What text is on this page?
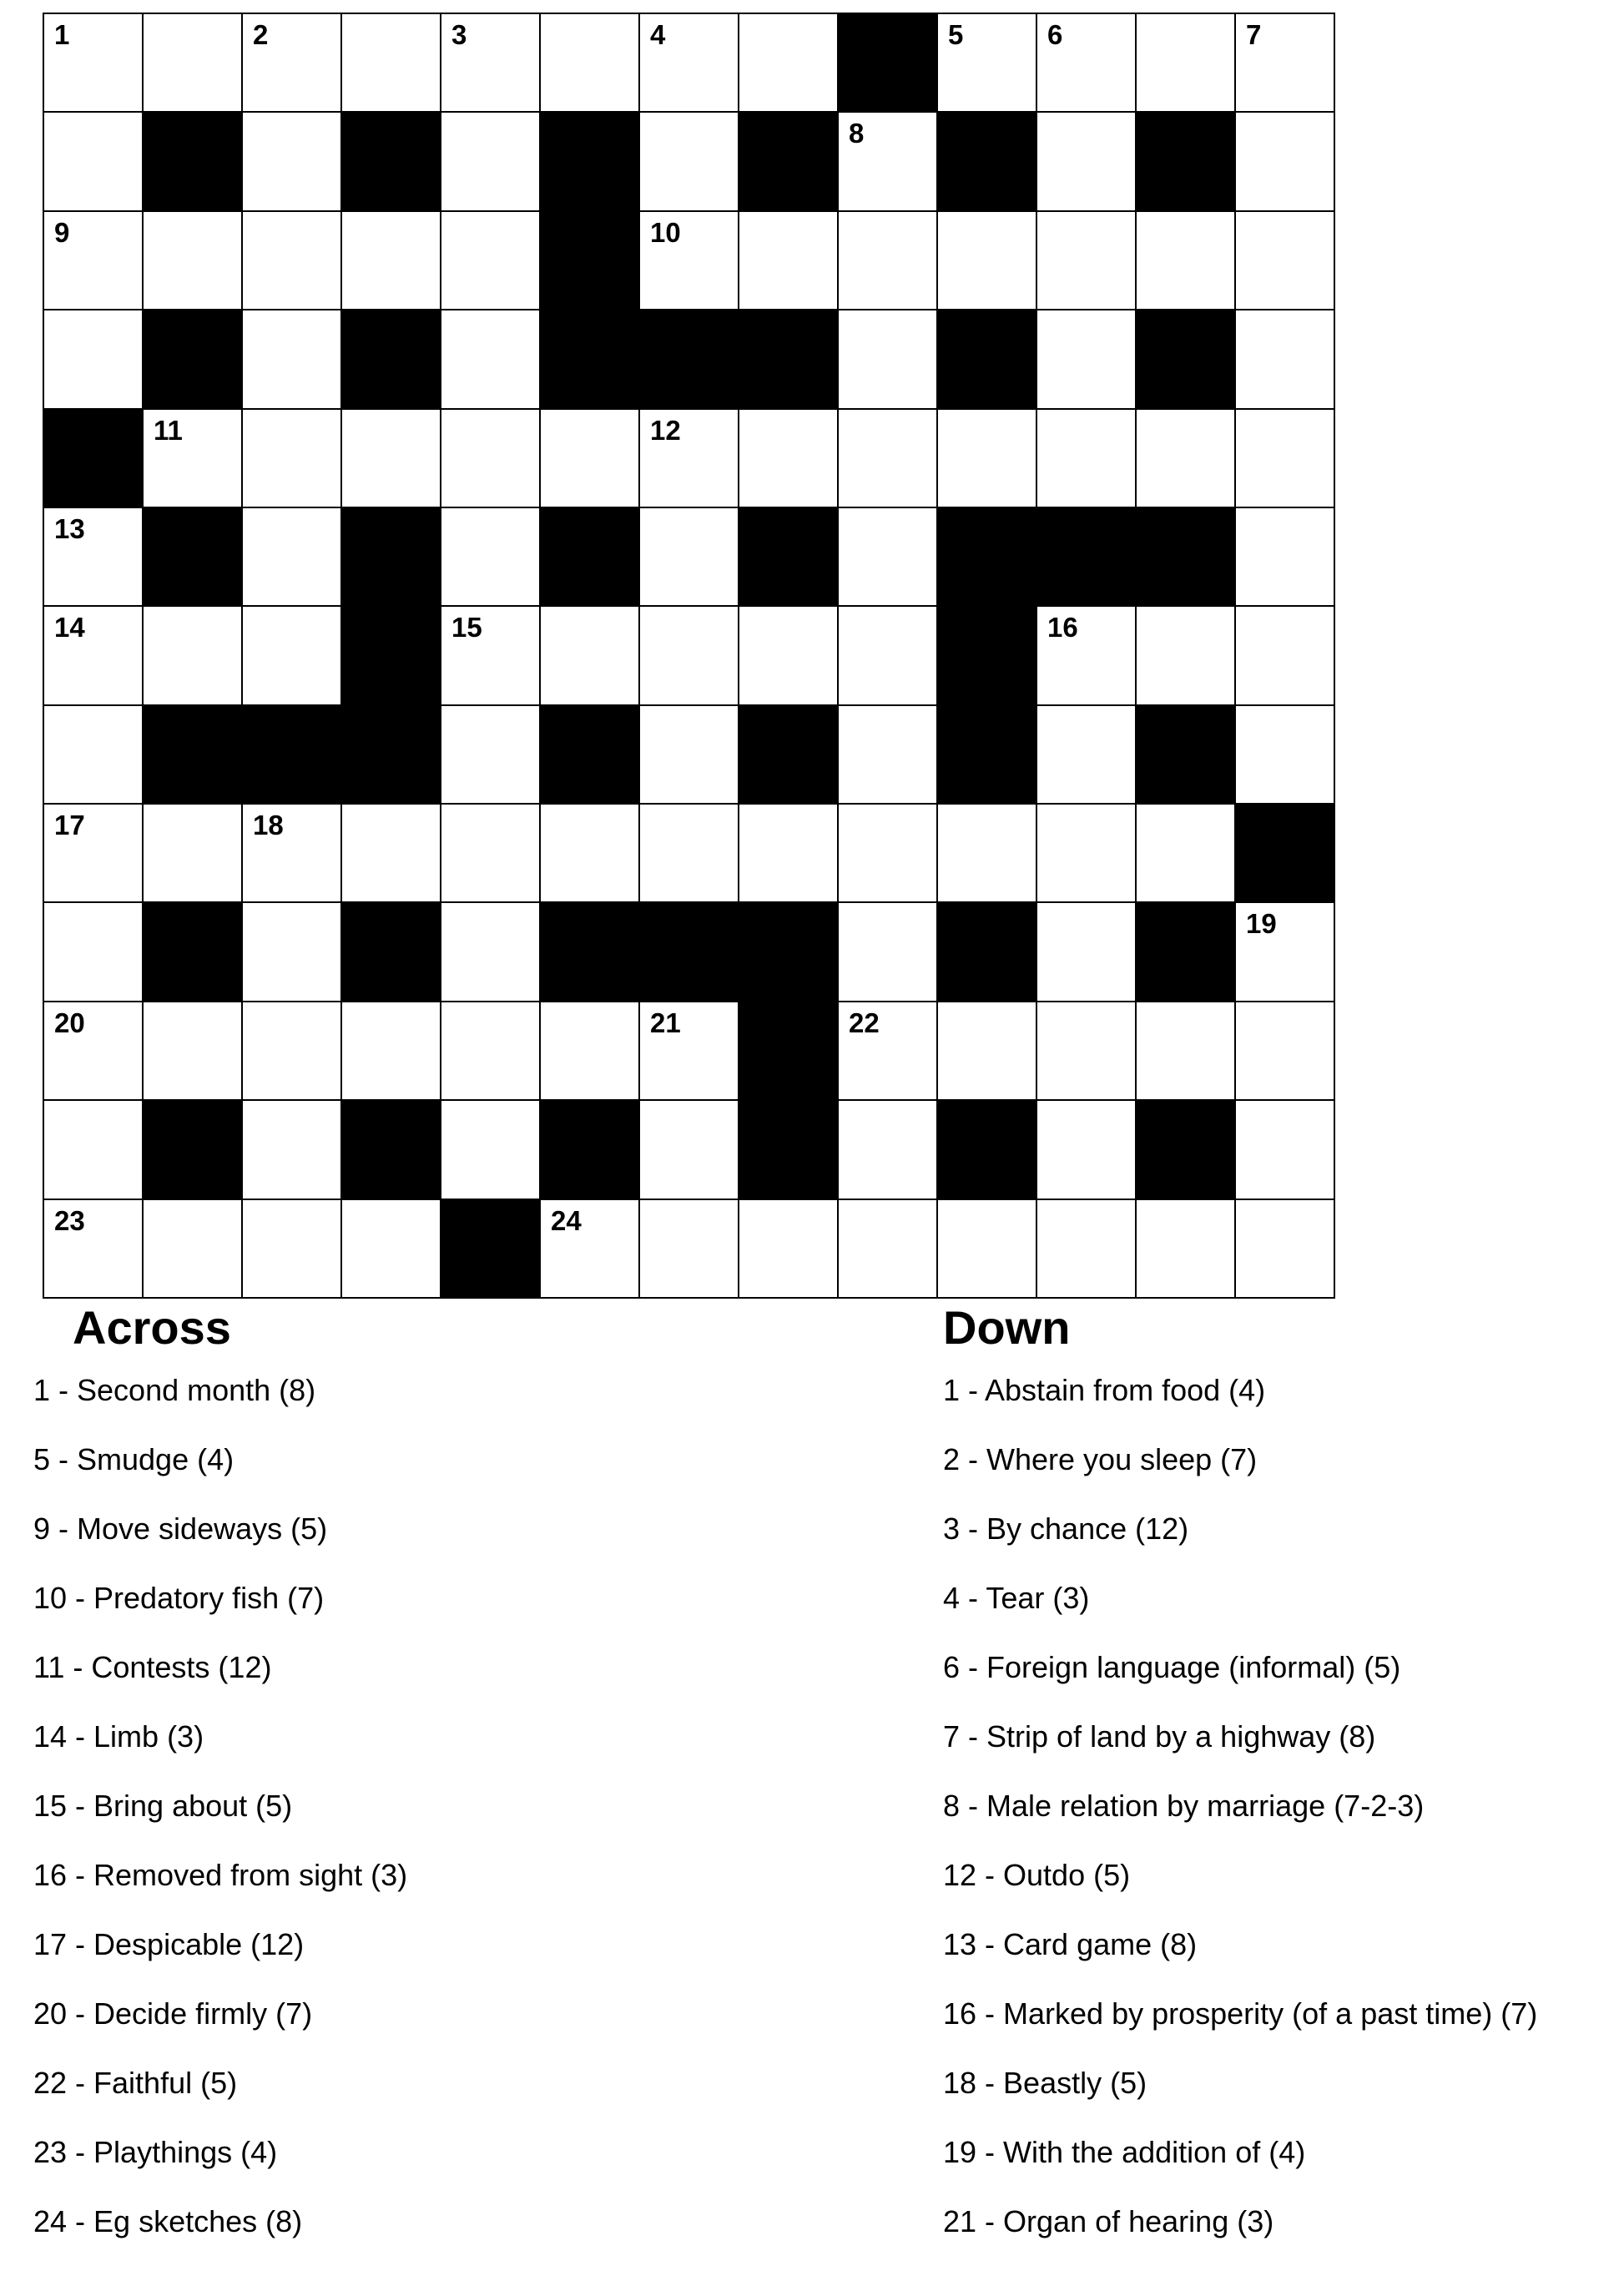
1	2	3	4	5	6	7
8
9	10
11	12
13
14	15	16
17	18
19
20	21	22
23	24
Across
1 - Second month (8)
5 - Smudge (4)
9 - Move sideways (5)
10 - Predatory fish (7)
11 - Contests (12)
14 - Limb (3)
15 - Bring about (5)
16 - Removed from sight (3)
17 - Despicable (12)
20 - Decide firmly (7)
22 - Faithful (5)
23 - Playthings (4)
24 - Eg sketches (8)
Down
1 - Abstain from food (4)
2 - Where you sleep (7)
3 - By chance (12)
4 - Tear (3)
6 - Foreign language (informal) (5)
7 - Strip of land by a highway (8)
8 - Male relation by marriage (7-2-3)
12 - Outdo (5)
13 - Card game (8)
16 - Marked by prosperity (of a past time) (7)
18 - Beastly (5)
19 - With the addition of (4)
21 - Organ of hearing (3)
